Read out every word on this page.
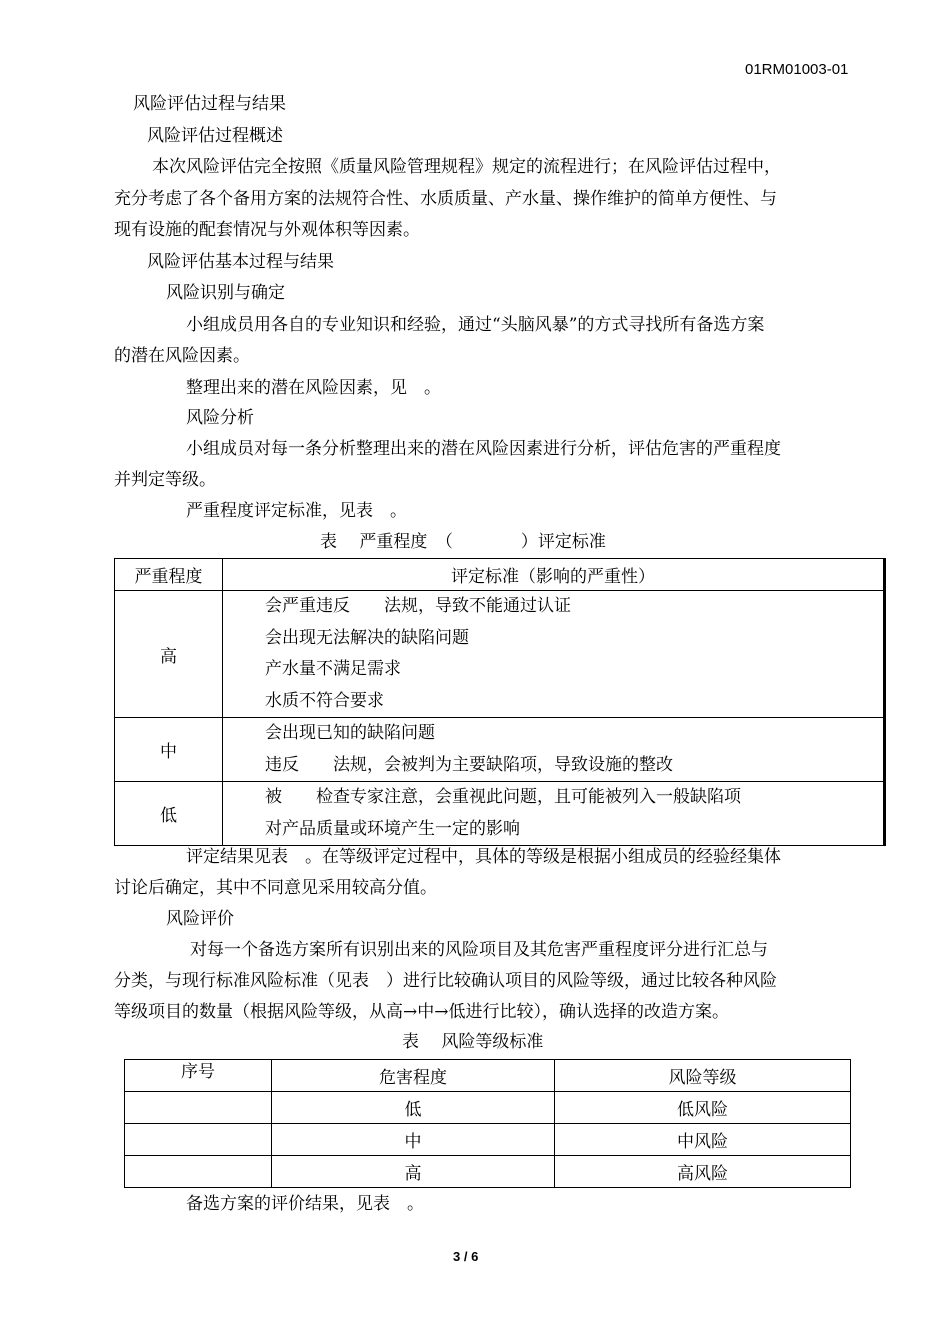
01RM01003-01
风险评估过程与结果
风险评估过程概述
本次风险评估完全按照《质量风险管理规程》规定的流程进行；在风险评估过程中，
充分考虑了各个备用方案的法规符合性、水质质量、产水量、操作维护的简单方便性、与
现有设施的配套情况与外观体积等因素。
风险评估基本过程与结果
风险识别与确定
小组成员用各自的专业知识和经验，通过“头脑风暴”的方式寻找所有备选方案
的潜在风险因素。
整理出来的潜在风险因素，见　。
风险分析
小组成员对每一条分析整理出来的潜在风险因素进行分析，评估危害的严重程度
并判定等级。
严重程度评定标准，见表　。
表　 严重程度　（　　　　）评定标准
严重程度	评定标准（影响的严重性）
高	会严重违反　　法规，导致不能通过认证
会出现无法解决的缺陷问题
产水量不满足需求
水质不符合要求

中	会出现已知的缺陷问题
违反　　法规，会被判为主要缺陷项，导致设施的整改

低	被　　检查专家注意，会重视此问题，且可能被列入一般缺陷项
对产品质量或环境产生一定的影响
评定结果见表　。在等级评定过程中，具体的等级是根据小组成员的经验经集体
讨论后确定，其中不同意见采用较高分值。
风险评价
对每一个备选方案所有识别出来的风险项目及其危害严重程度评分进行汇总与
分类，与现行标准风险标准（见表　）进行比较确认项目的风险等级，通过比较各种风险
等级项目的数量（根据风险等级，从高→中→低进行比较），确认选择的改造方案。
表　 风险等级标准
序号	危害程度	风险等级
	低	低风险
	中	中风险
	高	高风险
备选方案的评价结果，见表　。
3 / 6
